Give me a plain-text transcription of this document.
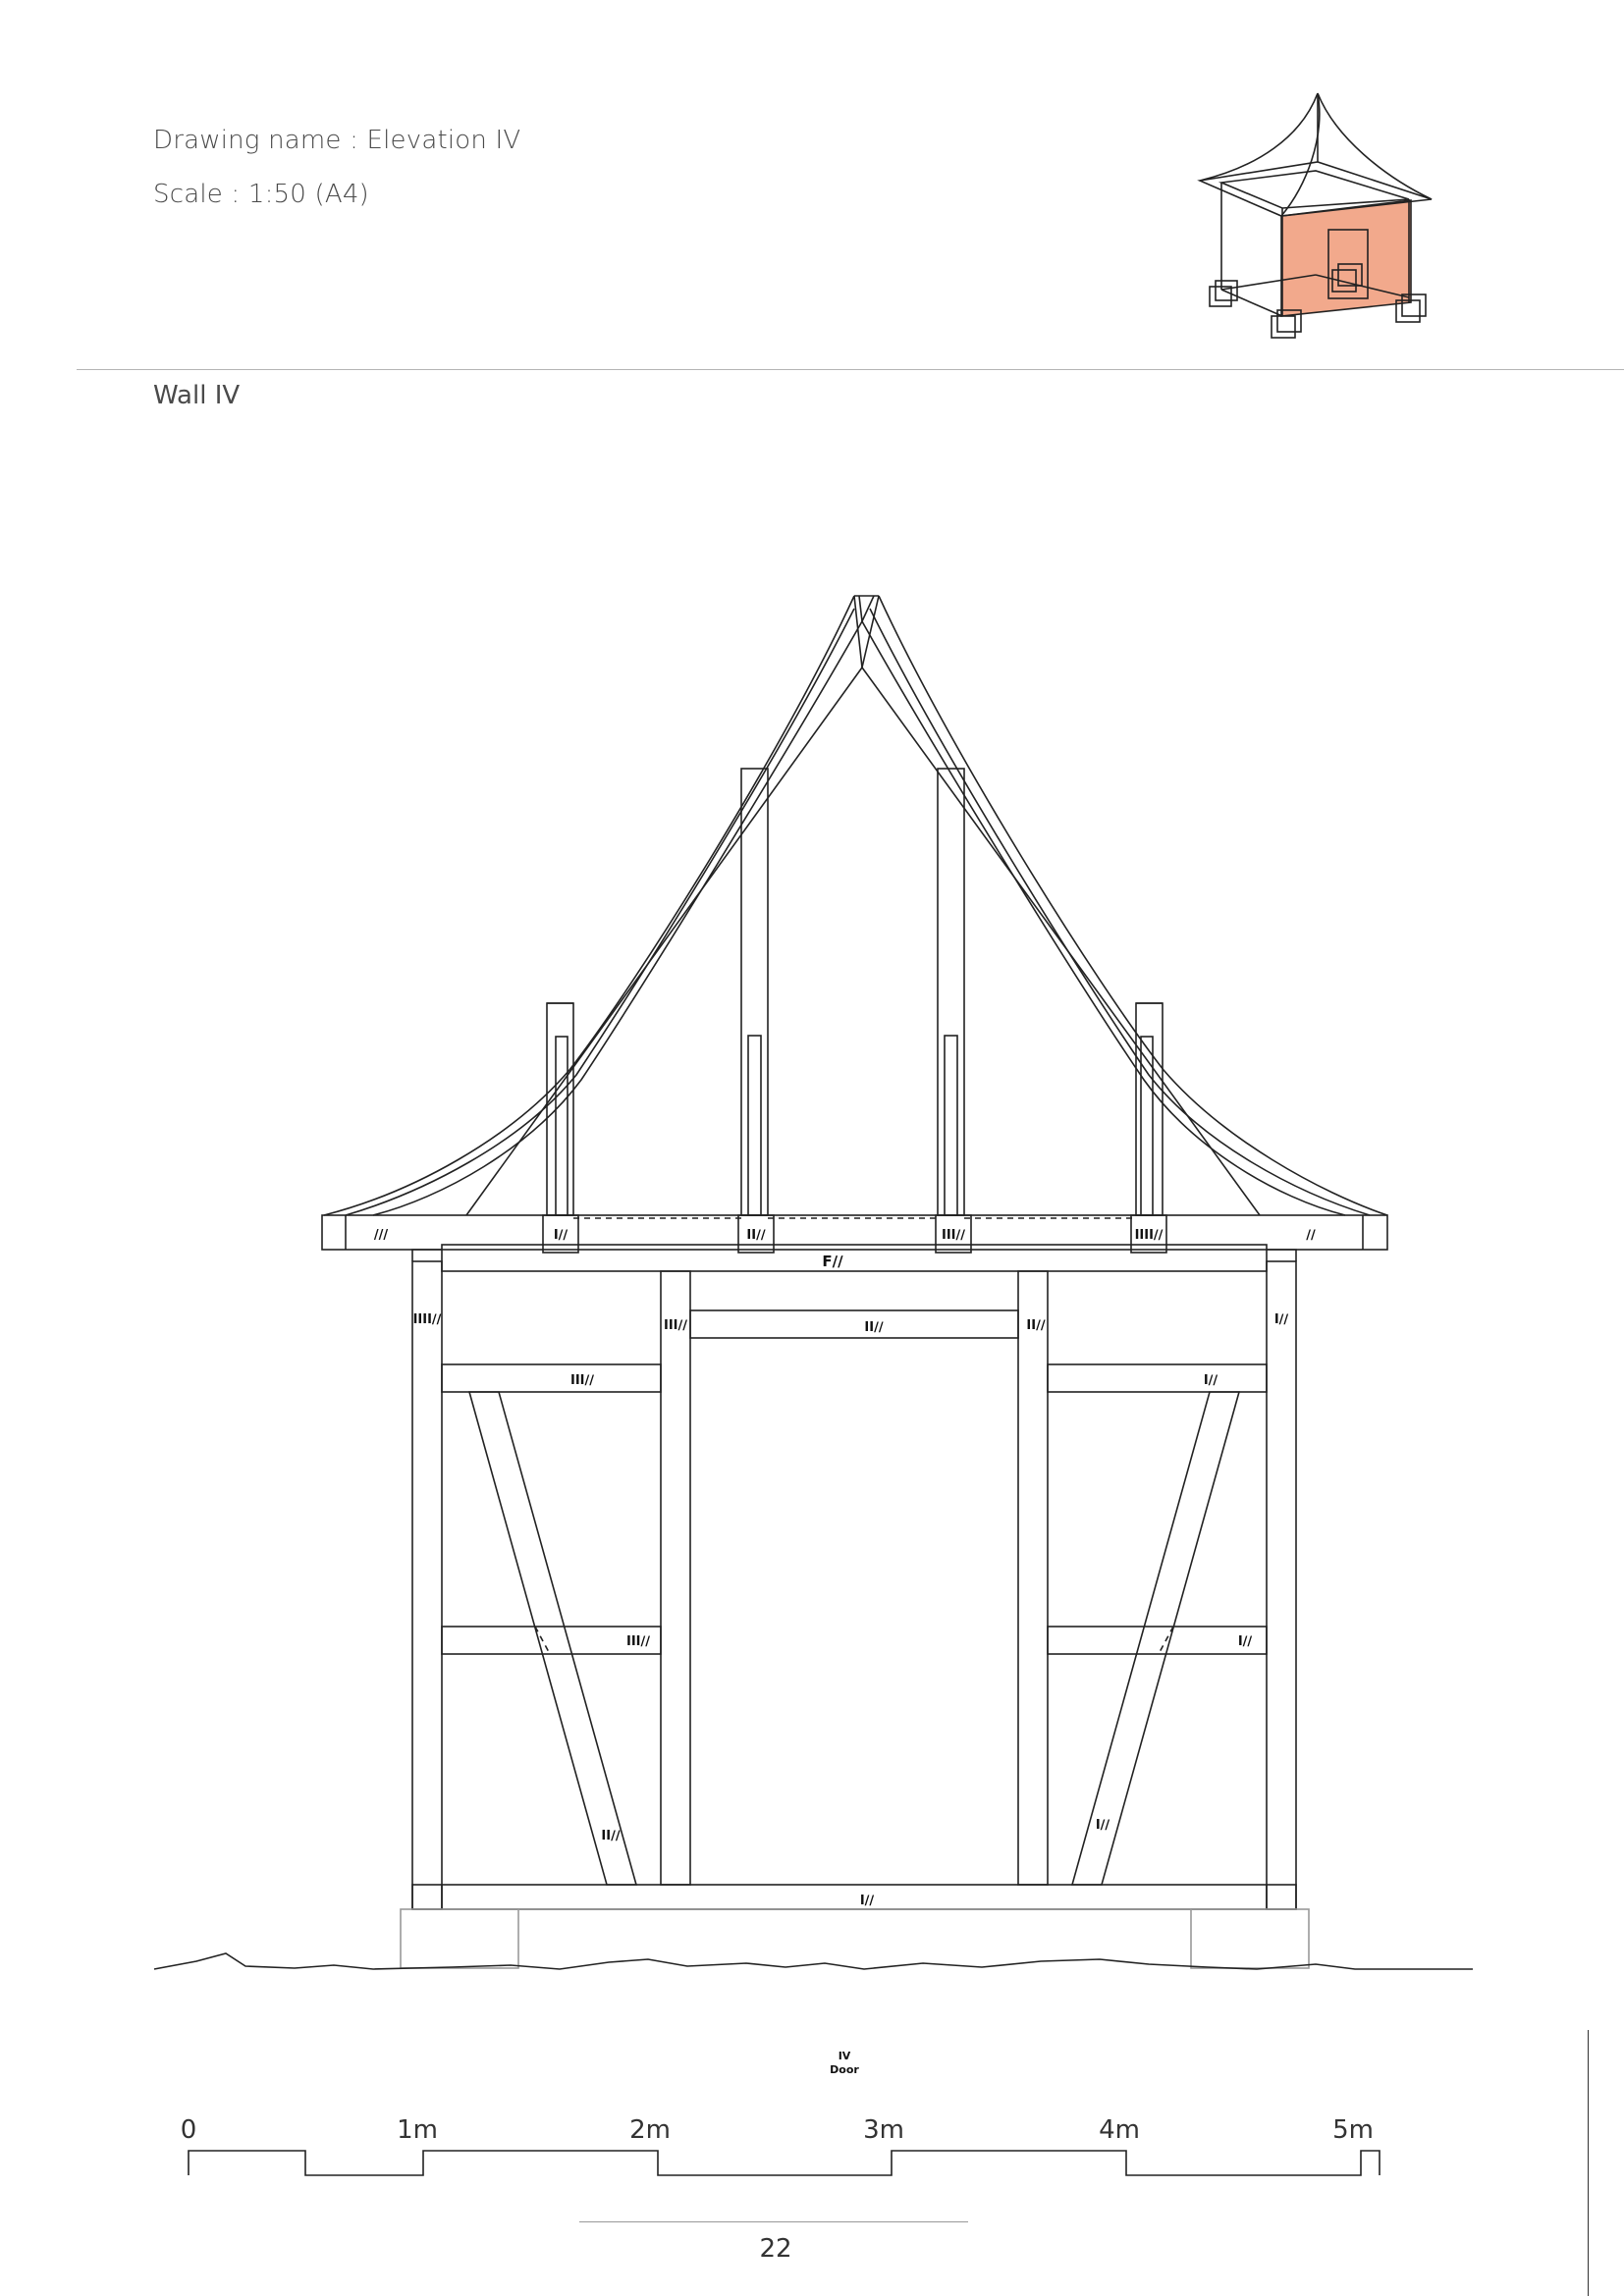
Drawing name : Elevation IV
Scale : 1:50 (A4)
Wall IV
///	∕∕
I∕∕	II∕∕	III∕∕	IIII∕∕
F∕∕
IIII∕∕	III∕∕	II∕∕	II∕∕	I∕∕
III∕∕	I∕∕
III∕∕	I∕∕
II∕∕
I∕∕
I∕∕
IV
Door
0	1m	2m	3m	4m	5m
22
